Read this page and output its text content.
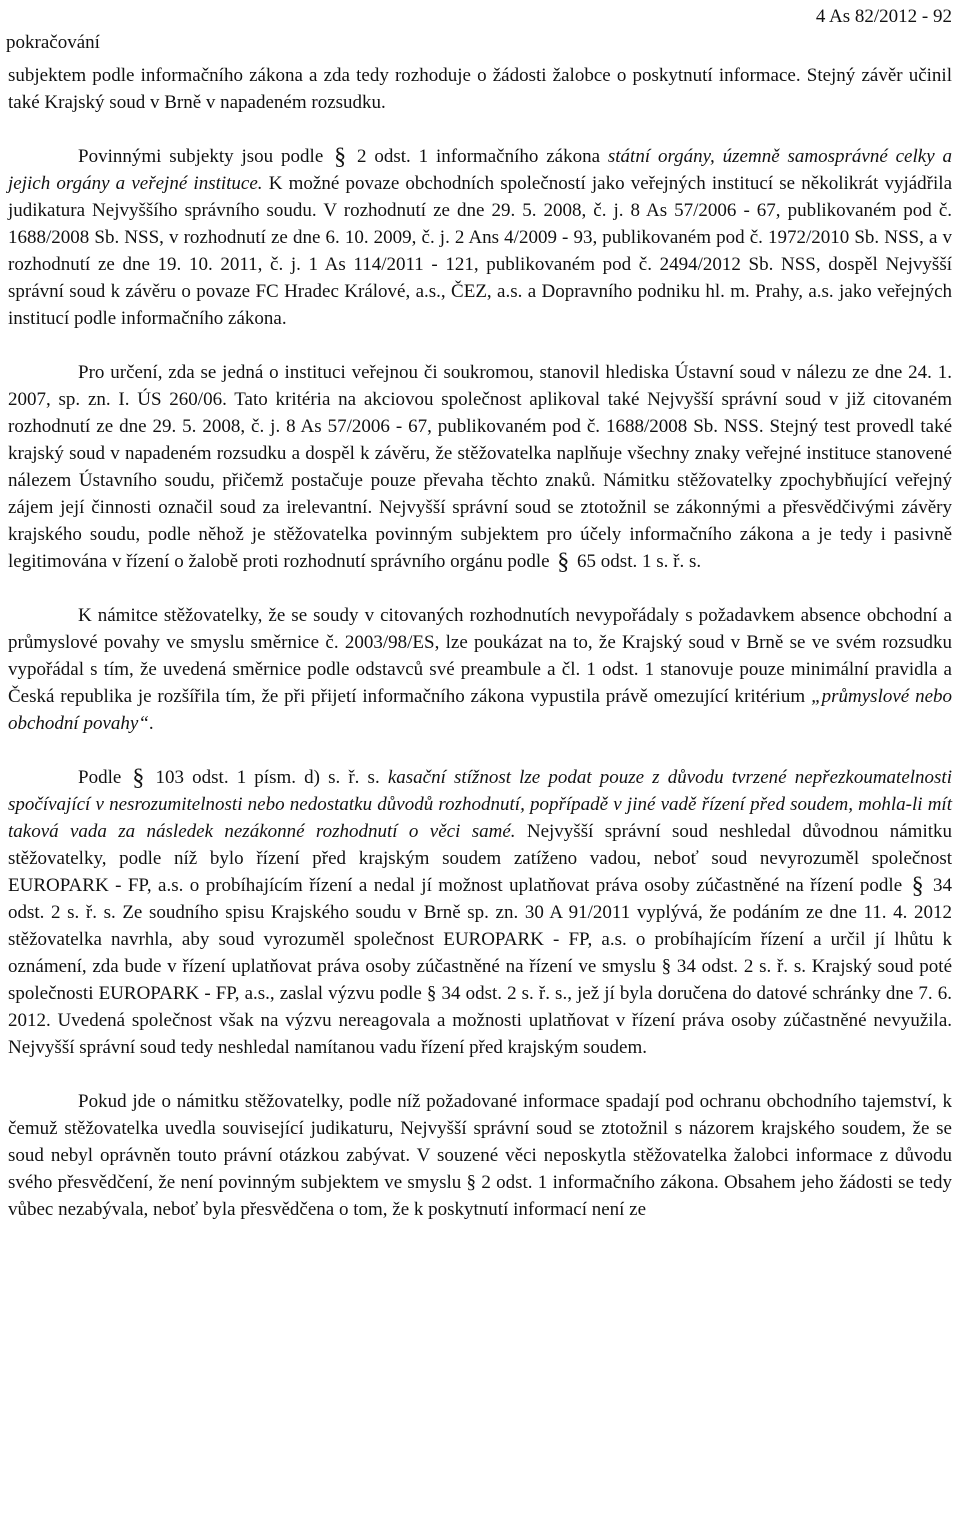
pokračování
4 As 82/2012 - 92

subjektem podle informačního zákona a zda tedy rozhoduje o žádosti žalobce o poskytnutí informace. Stejný závěr učinil také Krajský soud v Brně v napadeném rozsudku.

Povinnými subjekty jsou podle § 2 odst. 1 informačního zákona státní orgány, územně samosprávné celky a jejich orgány a veřejné instituce. K možné povaze obchodních společností jako veřejných institucí se několikrát vyjádřila judikatura Nejvyššího správního soudu. V rozhodnutí ze dne 29. 5. 2008, č. j. 8 As 57/2006 - 67, publikovaném pod č. 1688/2008 Sb. NSS, v rozhodnutí ze dne 6. 10. 2009, č. j. 2 Ans 4/2009 - 93, publikovaném pod č. 1972/2010 Sb. NSS, a v rozhodnutí ze dne 19. 10. 2011, č. j. 1 As 114/2011 - 121, publikovaném pod č. 2494/2012 Sb. NSS, dospěl Nejvyšší správní soud k závěru o povaze FC Hradec Králové, a.s., ČEZ, a.s. a Dopravního podniku hl. m. Prahy, a.s. jako veřejných institucí podle informačního zákona.

Pro určení, zda se jedná o instituci veřejnou či soukromou, stanovil hlediska Ústavní soud v nálezu ze dne 24. 1. 2007, sp. zn. I. ÚS 260/06. Tato kritéria na akciovou společnost aplikoval také Nejvyšší správní soud v již citovaném rozhodnutí ze dne 29. 5. 2008, č. j. 8 As 57/2006 - 67, publikovaném pod č. 1688/2008 Sb. NSS. Stejný test provedl také krajský soud v napadeném rozsudku a dospěl k závěru, že stěžovatelka naplňuje všechny znaky veřejné instituce stanovené nálezem Ústavního soudu, přičemž postačuje pouze převaha těchto znaků. Námitku stěžovatelky zpochybňující veřejný zájem její činnosti označil soud za irelevantní. Nejvyšší správní soud se ztotožnil se zákonnými a přesvědčivými závěry krajského soudu, podle něhož je stěžovatelka povinným subjektem pro účely informačního zákona a je tedy i pasivně legitimována v řízení o žalobě proti rozhodnutí správního orgánu podle § 65 odst. 1 s. ř. s.

K námitce stěžovatelky, že se soudy v citovaných rozhodnutích nevypořádaly s požadavkem absence obchodní a průmyslové povahy ve smyslu směrnice č. 2003/98/ES, lze poukázat na to, že Krajský soud v Brně se ve svém rozsudku vypořádal s tím, že uvedená směrnice podle odstavců své preambule a čl. 1 odst. 1 stanovuje pouze minimální pravidla a Česká republika je rozšířila tím, že při přijetí informačního zákona vypustila právě omezující kritérium „průmyslové nebo obchodní povahy“.

Podle § 103 odst. 1 písm. d) s. ř. s. kasační stížnost lze podat pouze z důvodu tvrzené nepřezkoumatelnosti spočívající v nesrozumitelnosti nebo nedostatku důvodů rozhodnutí, popřípadě v jiné vadě řízení před soudem, mohla-li mít taková vada za následek nezákonné rozhodnutí o věci samé. Nejvyšší správní soud neshledal důvodnou námitku stěžovatelky, podle níž bylo řízení před krajským soudem zatíženo vadou, neboť soud nevyrozuměl společnost EUROPARK - FP, a.s. o probíhajícím řízení a nedal jí možnost uplatňovat práva osoby zúčastněné na řízení podle § 34 odst. 2 s. ř. s. Ze soudního spisu Krajského soudu v Brně sp. zn. 30 A 91/2011 vyplývá, že podáním ze dne 11. 4. 2012 stěžovatelka navrhla, aby soud vyrozuměl společnost EUROPARK - FP, a.s. o probíhajícím řízení a určil jí lhůtu k oznámení, zda bude v řízení uplatňovat práva osoby zúčastněné na řízení ve smyslu § 34 odst. 2 s. ř. s. Krajský soud poté společnosti EUROPARK - FP, a.s., zaslal výzvu podle § 34 odst. 2 s. ř. s., jež jí byla doručena do datové schránky dne 7. 6. 2012. Uvedená společnost však na výzvu nereagovala a možnosti uplatňovat v řízení práva osoby zúčastněné nevyužila. Nejvyšší správní soud tedy neshledal namítanou vadu řízení před krajským soudem.

Pokud jde o námitku stěžovatelky, podle níž požadované informace spadají pod ochranu obchodního tajemství, k čemuž stěžovatelka uvedla související judikaturu, Nejvyšší správní soud se ztotožnil s názorem krajského soudem, že se soud nebyl oprávněn touto právní otázkou zabývat. V souzené věci neposkytla stěžovatelka žalobci informace z důvodu svého přesvědčení, že není povinným subjektem ve smyslu § 2 odst. 1 informačního zákona. Obsahem jeho žádosti se tedy vůbec nezabývala, neboť byla přesvědčena o tom, že k poskytnutí informací není ze
